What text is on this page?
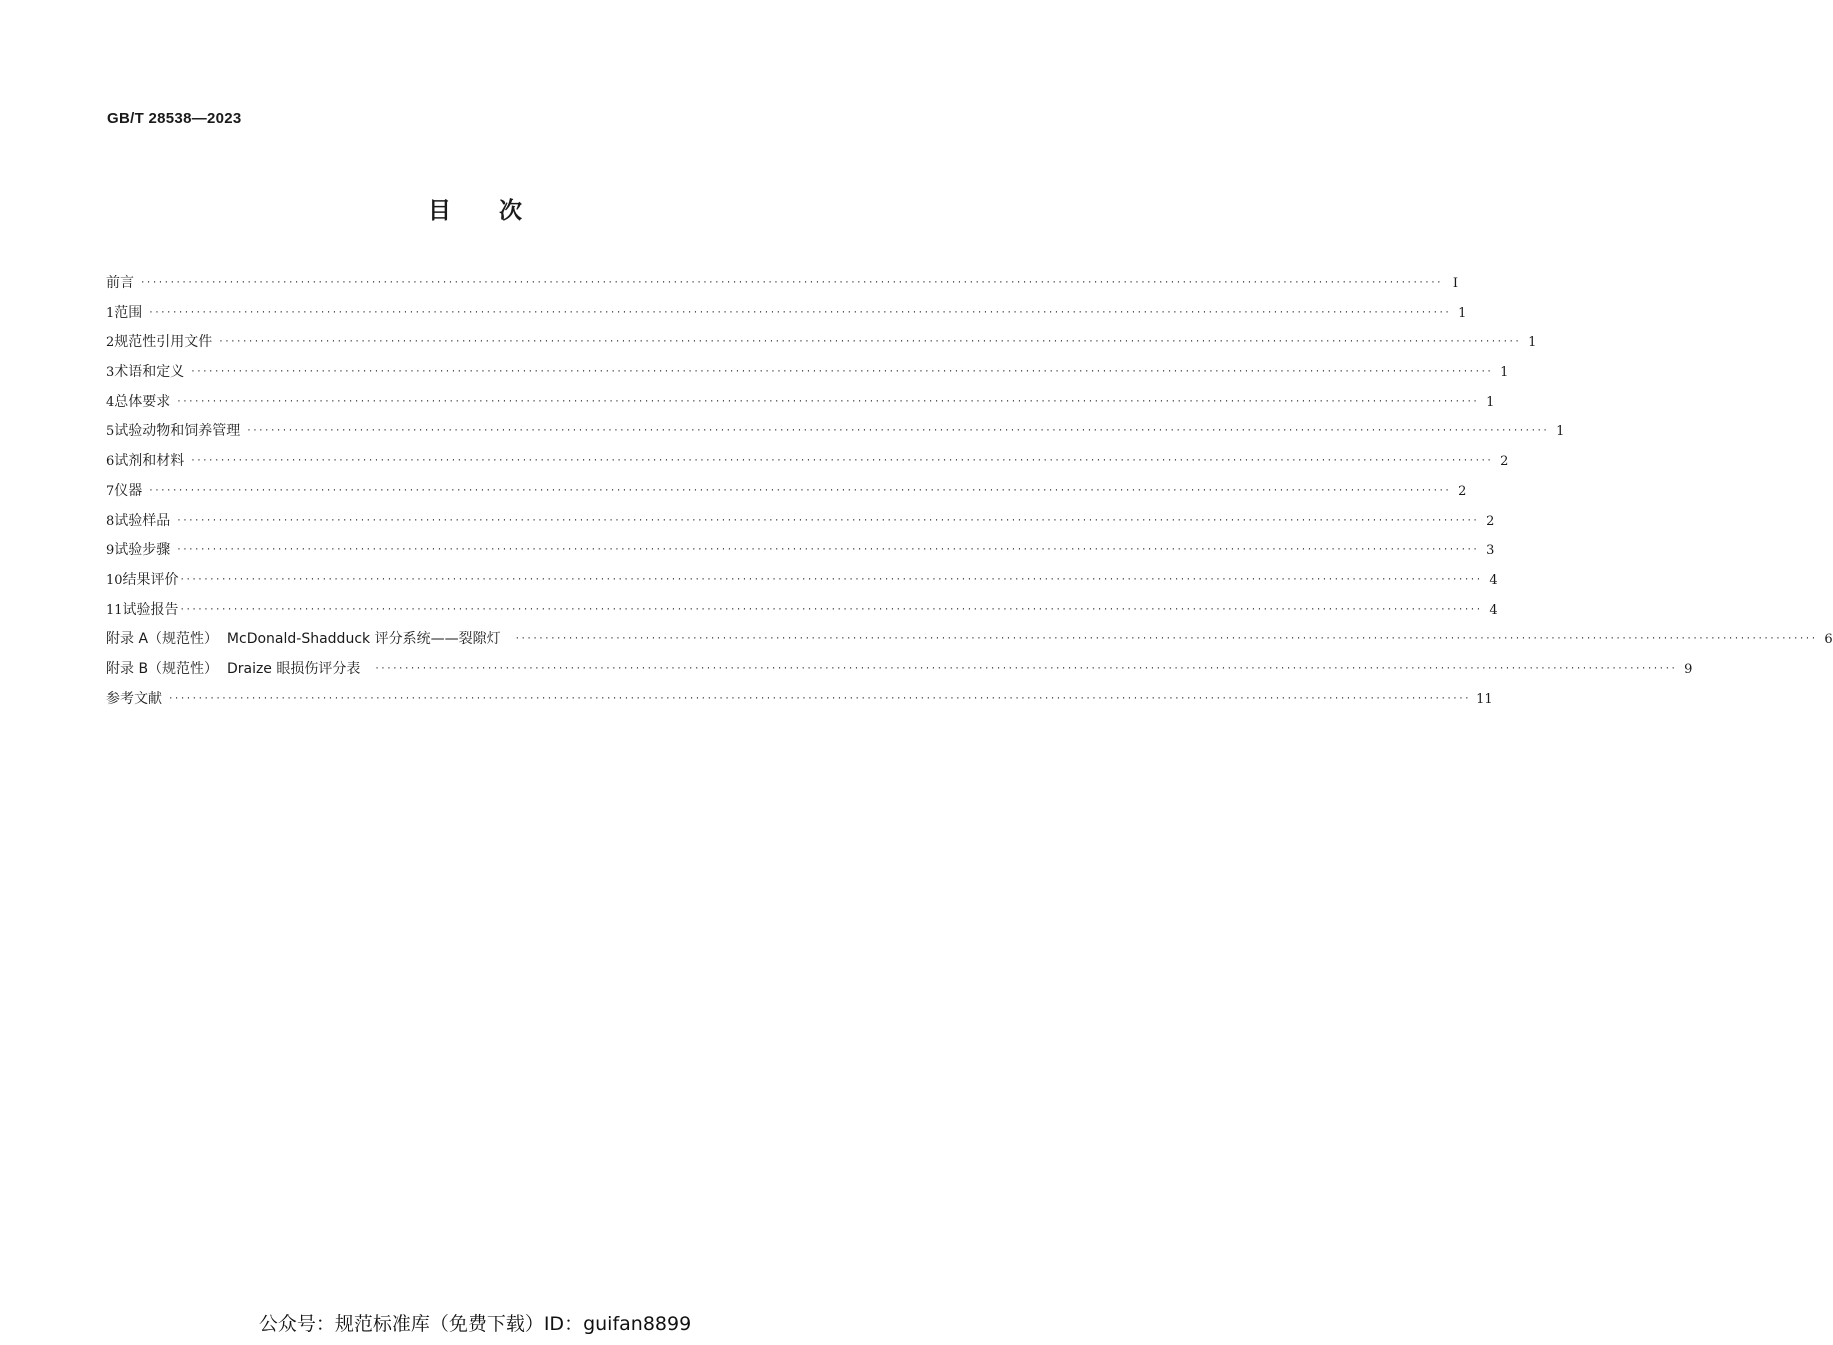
GB/T 28538—2023
目 次
前言 ···························································································································································································································· Ⅰ
1 范围 ···························································································································································································································· 1
2 规范性引用文件 ···························································································································································································································· 1
3 术语和定义 ···························································································································································································································· 1
4 总体要求 ···························································································································································································································· 1
5 试验动物和饲养管理 ···························································································································································································································· 1
6 试剂和材料 ···························································································································································································································· 2
7 仪器 ···························································································································································································································· 2
8 试验样品 ···························································································································································································································· 2
9 试验步骤 ···························································································································································································································· 3
10 结果评价 ···························································································································································································································· 4
11 试验报告 ···························································································································································································································· 4
附录 A（规范性）  McDonald-Shadduck 评分系统——裂隙灯 ···························································································································································································································· 6
附录 B（规范性）  Draize 眼损伤评分表 ···························································································································································································································· 9
参考文献 ···························································································································································································································· 11
公众号：规范标准库（免费下载）ID：guifan8899
